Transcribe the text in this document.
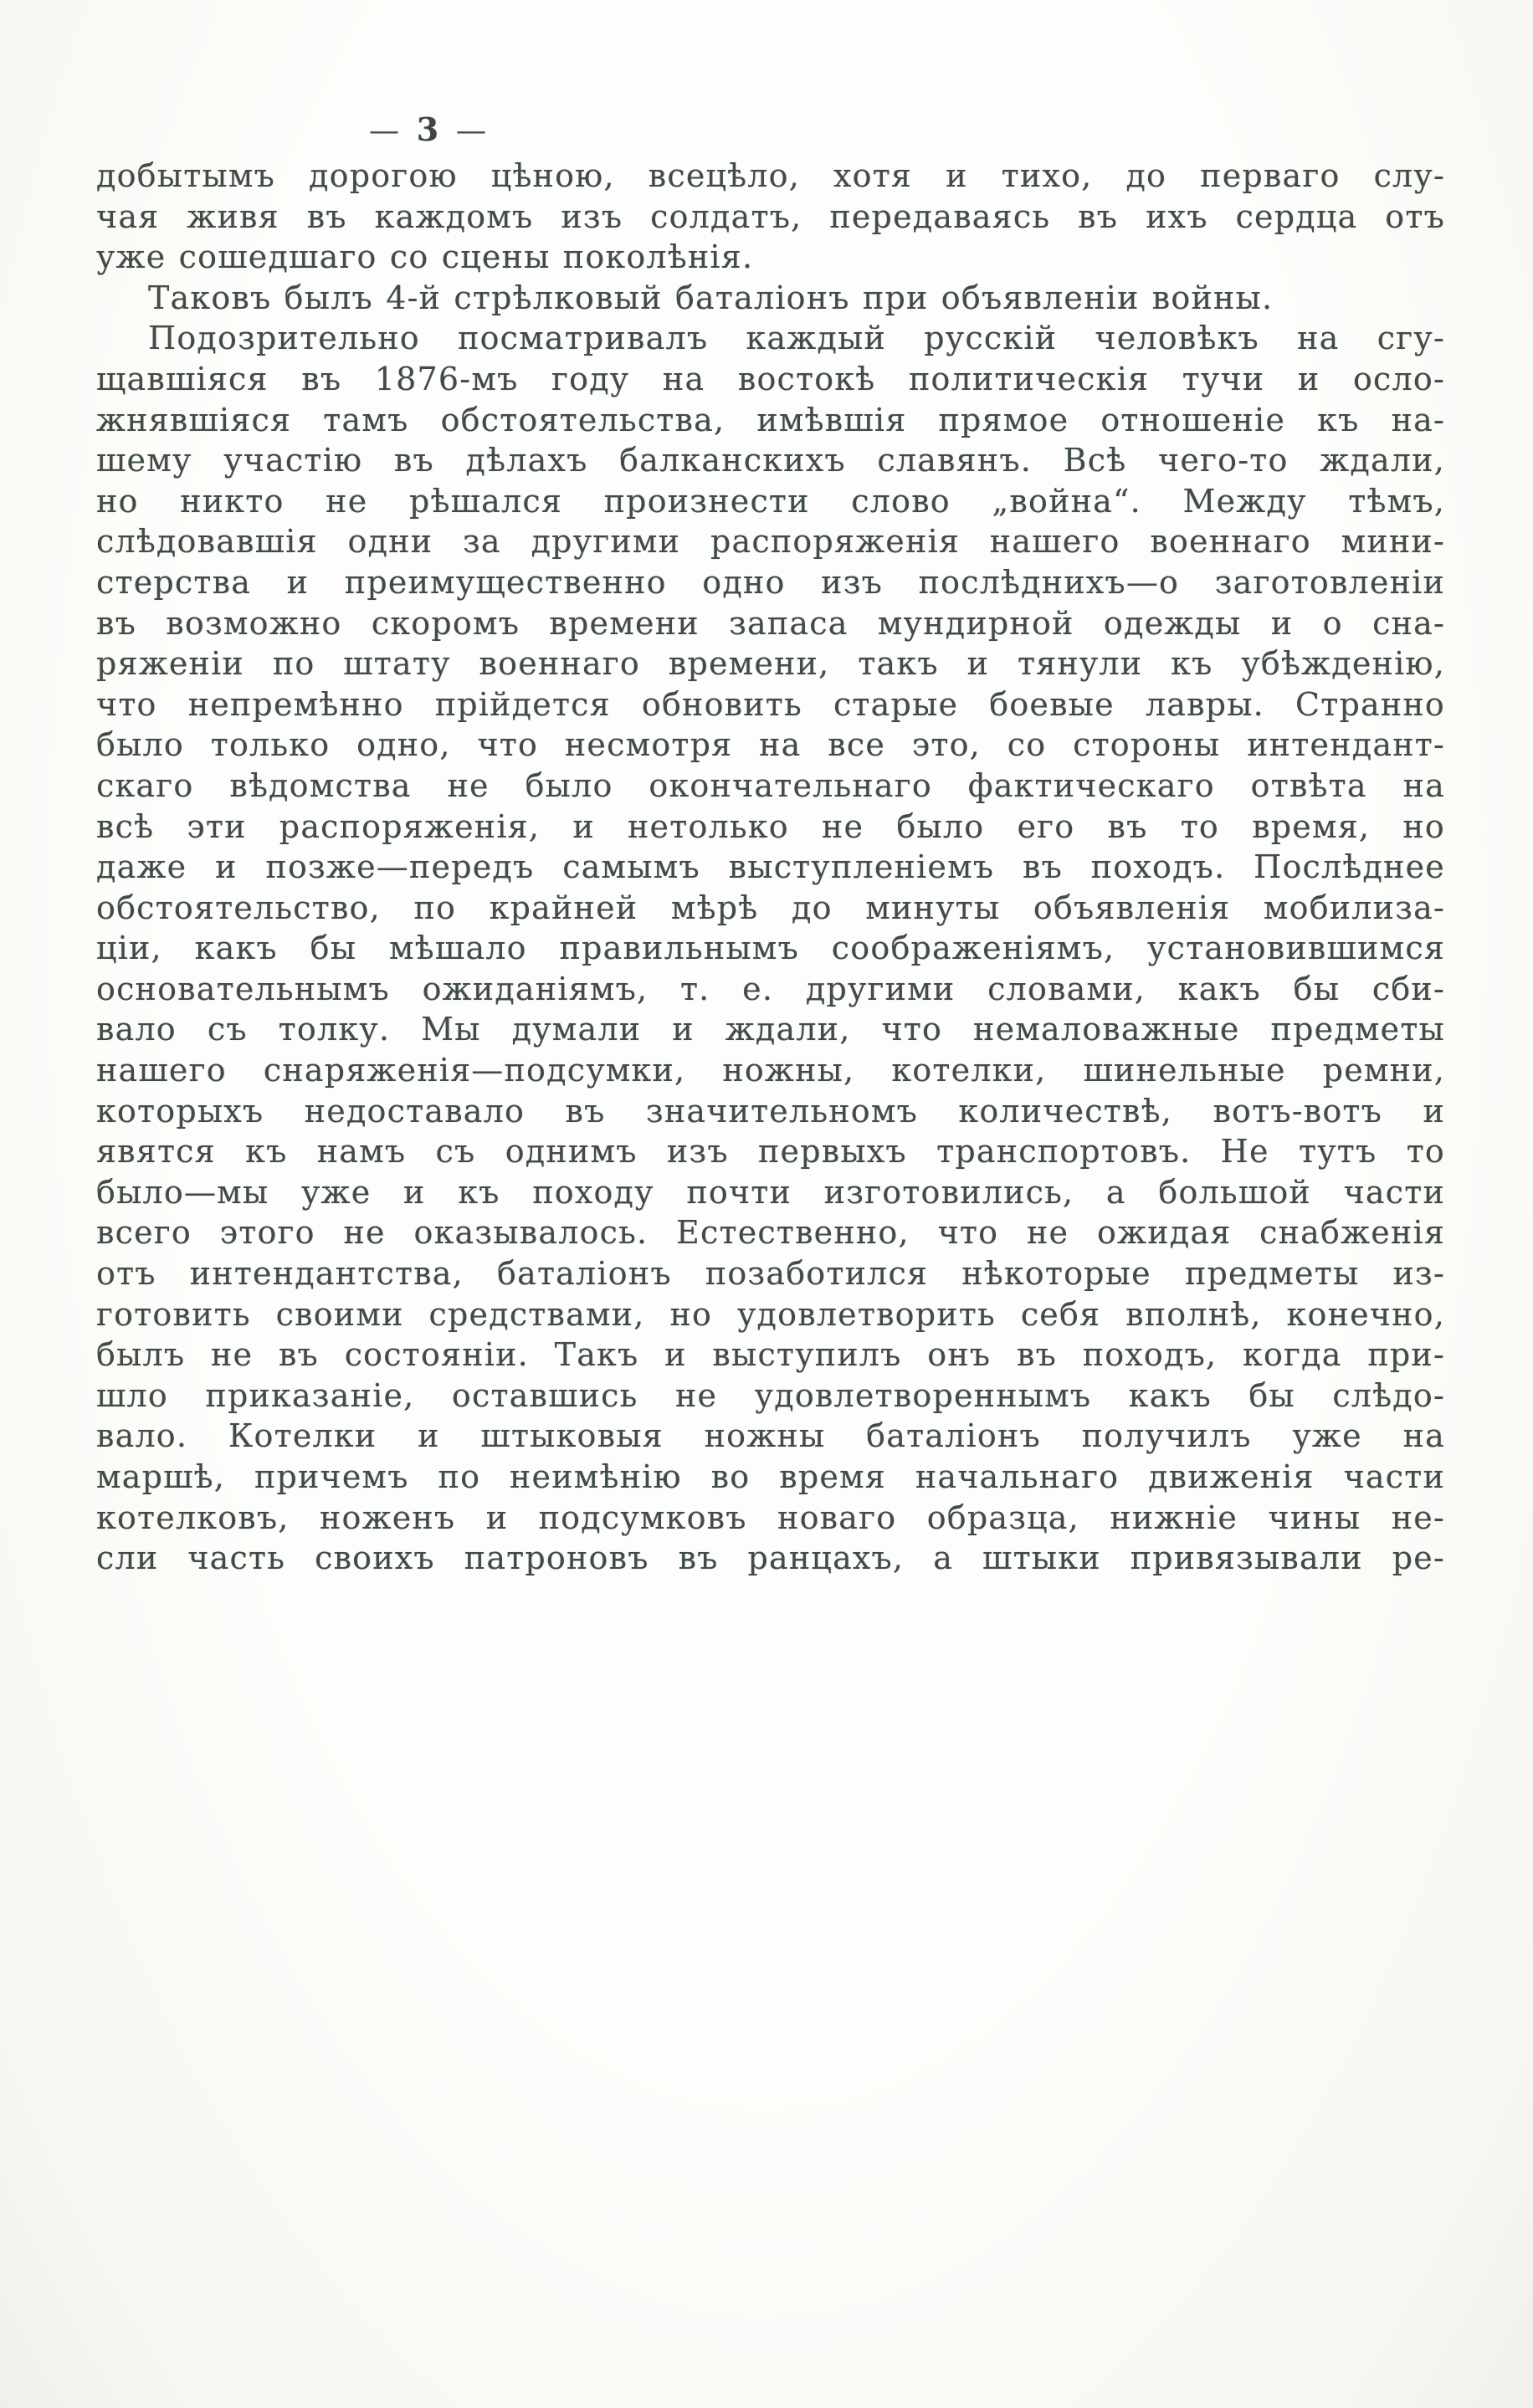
— 3 —
добытымъ дорогою цѣною, всецѣло, хотя и тихо, до перваго слу-
чая живя въ каждомъ изъ солдатъ, передаваясь въ ихъ сердца отъ
уже сошедшаго со сцены поколѣнія.
Таковъ былъ 4-й стрѣлковый баталіонъ при объявленіи войны.
Подозрительно посматривалъ каждый русскій человѣкъ на сгу-
щавшіяся въ 1876-мъ году на востокѣ политическія тучи и осло-
жнявшіяся тамъ обстоятельства, имѣвшія прямое отношеніе къ на-
шему участію въ дѣлахъ балканскихъ славянъ. Всѣ чего-то ждали,
но никто не рѣшался произнести слово „война“. Между тѣмъ,
слѣдовавшія одни за другими распоряженія нашего военнаго мини-
стерства и преимущественно одно изъ послѣднихъ—о заготовленіи
въ возможно скоромъ времени запаса мундирной одежды и о сна-
ряженіи по штату военнаго времени, такъ и тянули къ убѣжденію,
что непремѣнно прійдется обновить старые боевые лавры. Странно
было только одно, что несмотря на все это, со стороны интендант-
скаго вѣдомства не было окончательнаго фактическаго отвѣта на
всѣ эти распоряженія, и нетолько не было его въ то время, но
даже и позже—передъ самымъ выступленіемъ въ походъ. Послѣднее
обстоятельство, по крайней мѣрѣ до минуты объявленія мобилиза-
ціи, какъ бы мѣшало правильнымъ соображеніямъ, установившимся
основательнымъ ожиданіямъ, т. е. другими словами, какъ бы сби-
вало съ толку. Мы думали и ждали, что немаловажные предметы
нашего снаряженія—подсумки, ножны, котелки, шинельные ремни,
которыхъ недоставало въ значительномъ количествѣ, вотъ-вотъ и
явятся къ намъ съ однимъ изъ первыхъ транспортовъ. Не тутъ то
было—мы уже и къ походу почти изготовились, а большой части
всего этого не оказывалось. Естественно, что не ожидая снабженія
отъ интендантства, баталіонъ позаботился нѣкоторые предметы из-
готовить своими средствами, но удовлетворить себя вполнѣ, конечно,
былъ не въ состояніи. Такъ и выступилъ онъ въ походъ, когда при-
шло приказаніе, оставшись не удовлетвореннымъ какъ бы слѣдо-
вало. Котелки и штыковыя ножны баталіонъ получилъ уже на
маршѣ, причемъ по неимѣнію во время начальнаго движенія части
котелковъ, ноженъ и подсумковъ новаго образца, нижніе чины не-
сли часть своихъ патроновъ въ ранцахъ, а штыки привязывали ре-
